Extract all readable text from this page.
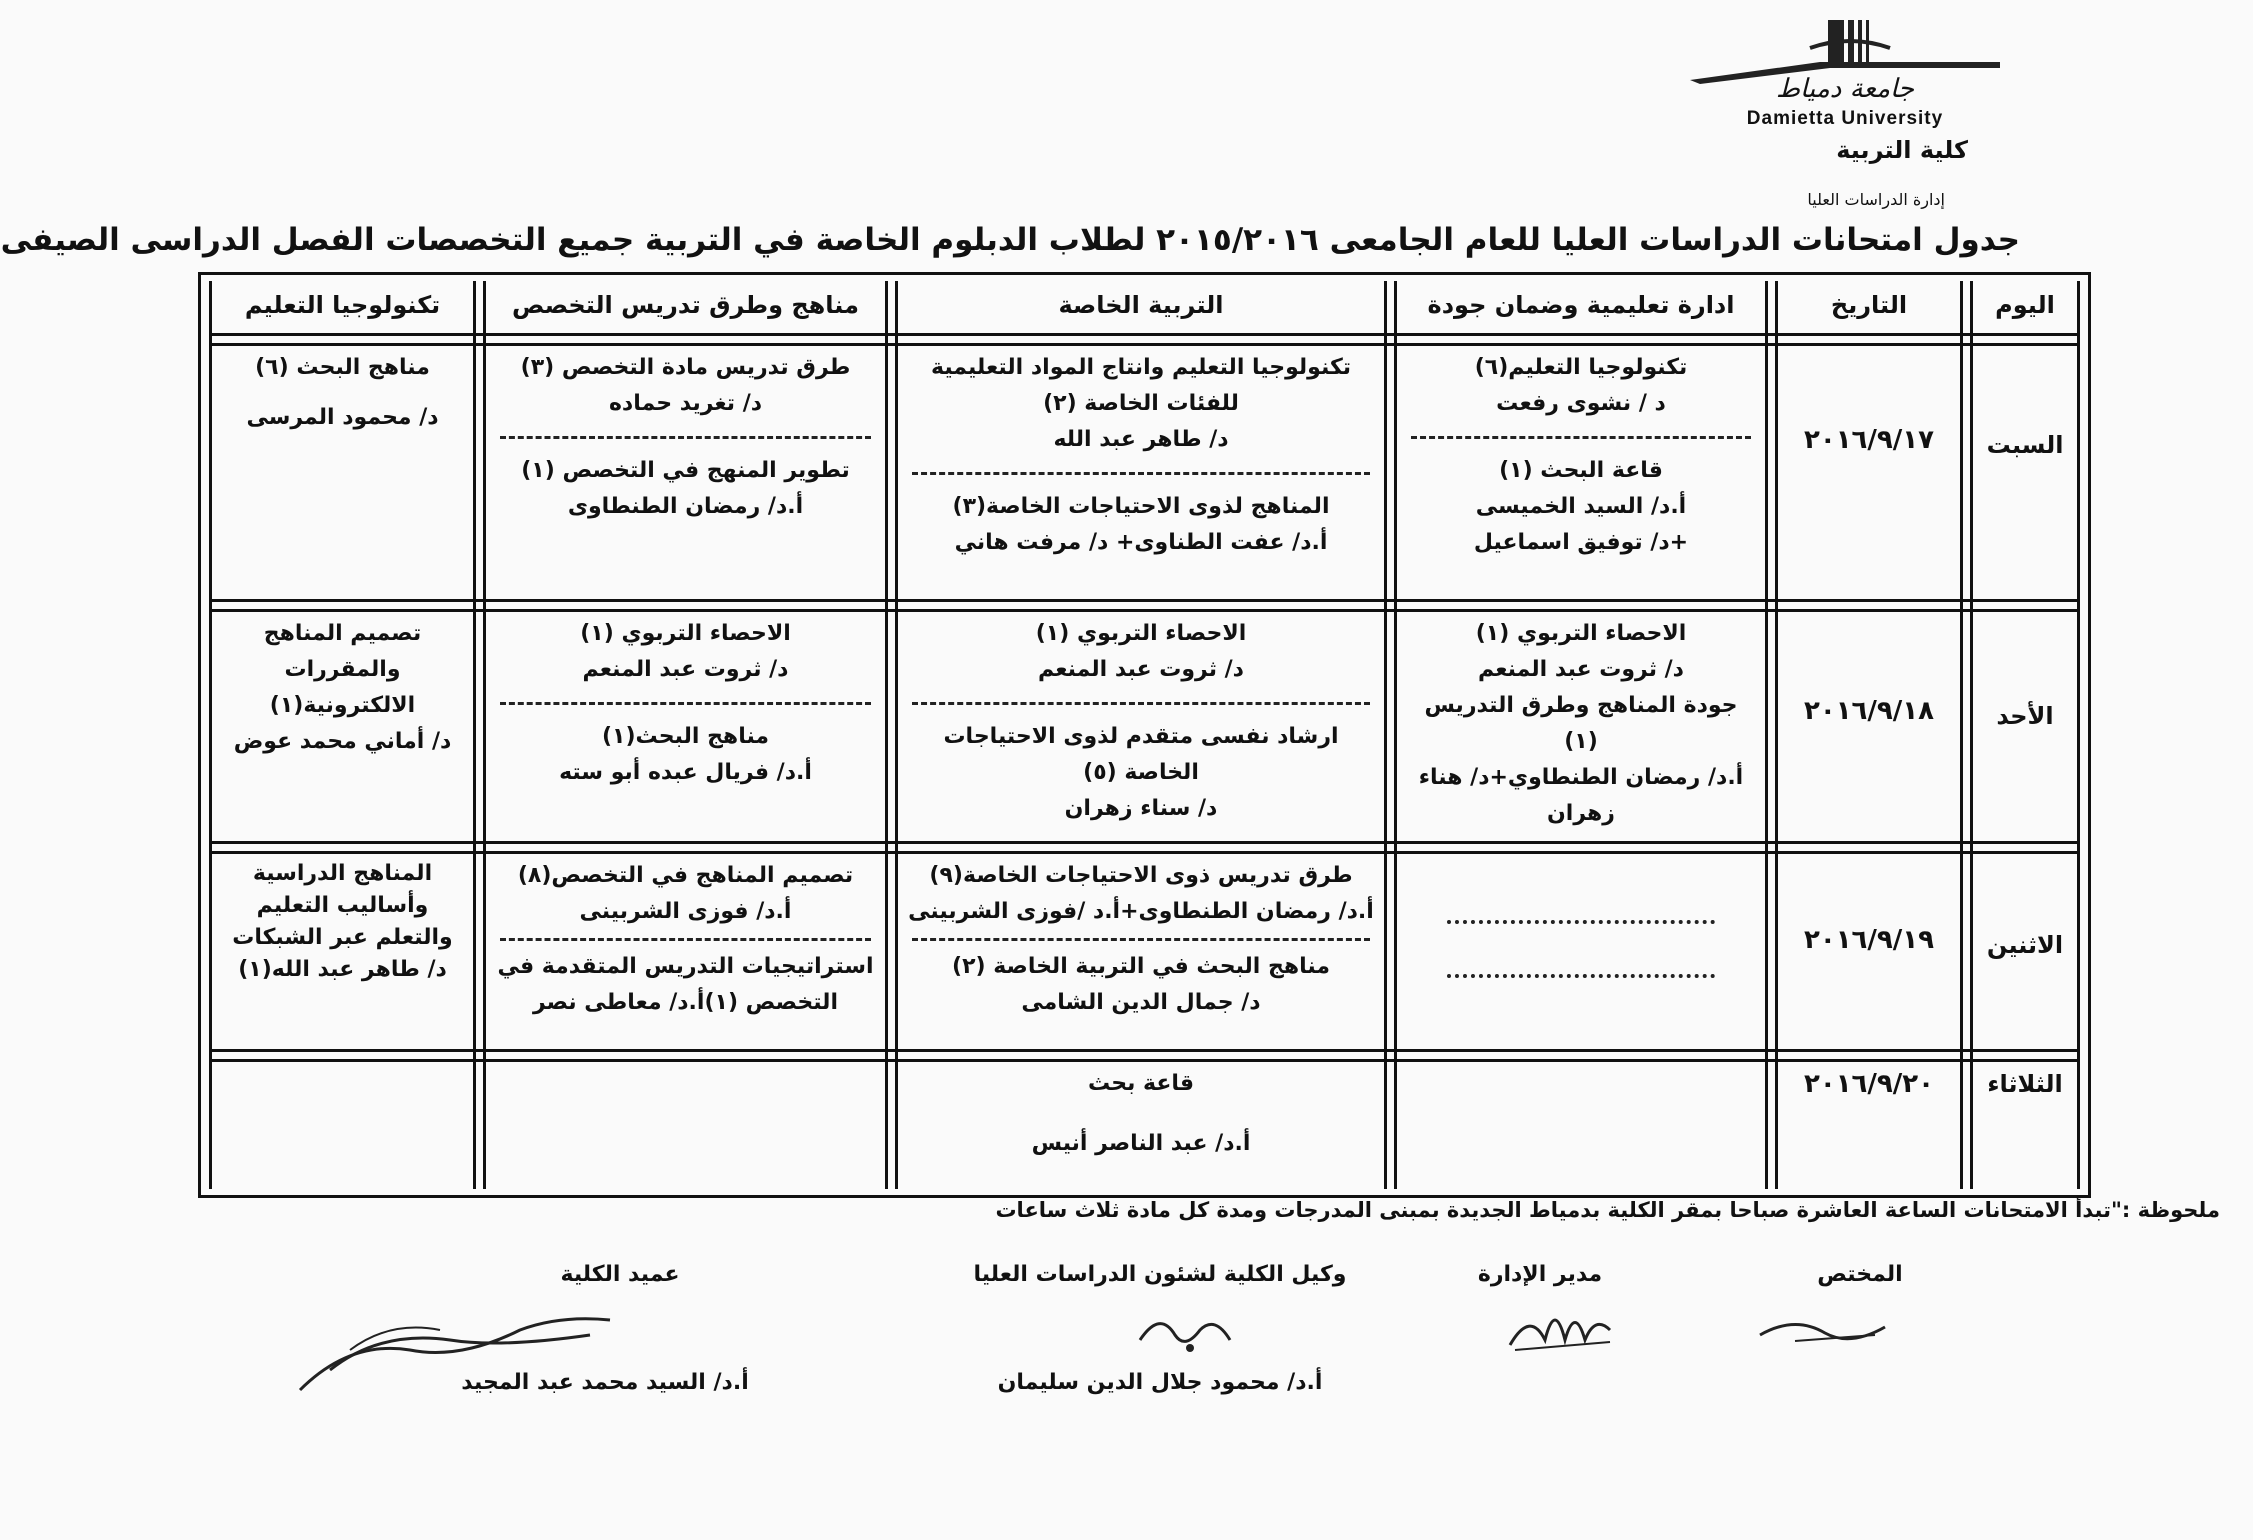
جامعة دمياط
Damietta University
كلية التربية
إدارة الدراسات العليا
جدول امتحانات الدراسات العليا للعام الجامعى ٢٠١٥/٢٠١٦ لطلاب الدبلوم الخاصة في التربية جميع التخصصات الفصل الدراسى الصيفى
اليوم
التاريخ
ادارة تعليمية وضمان جودة
التربية الخاصة
مناهج وطرق تدريس التخصص
تكنولوجيا التعليم
السبت
٢٠١٦/٩/١٧
تكنولوجيا التعليم(٦)
د / نشوى رفعت
قاعة البحث (١)
أ.د/ السيد الخميسى
+د/ توفيق اسماعيل
تكنولوجيا التعليم وانتاج المواد التعليمية للفئات الخاصة (٢)
د/ طاهر عبد الله
المناهج لذوى الاحتياجات الخاصة(٣)
أ.د/ عفت الطناوى+ د/ مرفت هاني
طرق تدريس مادة التخصص (٣)
د/ تغريد حماده
تطوير المنهج في التخصص (١)
أ.د/ رمضان الطنطاوى
مناهج البحث (٦)
د/ محمود المرسى
الأحد
٢٠١٦/٩/١٨
الاحصاء التربوي (١)
د/ ثروت عبد المنعم
جودة المناهج وطرق التدريس (١)
أ.د/ رمضان الطنطاوي+د/ هناء زهران
الاحصاء التربوي (١)
د/ ثروت عبد المنعم
ارشاد نفسى متقدم لذوى الاحتياجات الخاصة (٥)
د/ سناء زهران
الاحصاء التربوي (١)
د/ ثروت عبد المنعم
مناهج البحث(١)
أ.د/ فريال عبده أبو سته
تصميم المناهج والمقررات الالكترونية(١)
د/ أماني محمد عوض
الاثنين
٢٠١٦/٩/١٩
طرق تدريس ذوى الاحتياجات الخاصة(٩)
أ.د/ رمضان الطنطاوى+أ.د /فوزى الشربينى
مناهج البحث في التربية الخاصة (٢)
د/ جمال الدين الشامى
تصميم المناهج في التخصص(٨)
أ.د/ فوزى الشربينى
استراتيجيات التدريس المتقدمة في التخصص (١)أ.د/ معاطى نصر
المناهج الدراسية وأساليب التعليم والتعلم عبر الشبكات
د/ طاهر عبد الله(١)
الثلاثاء
٢٠١٦/٩/٢٠
قاعة بحث
أ.د/ عبد الناصر أنيس
ملحوظة :"تبدأ الامتحانات الساعة العاشرة صباحا بمقر الكلية بدمياط الجديدة بمبنى المدرجات ومدة كل مادة ثلاث ساعات
المختص
مدير الإدارة
وكيل الكلية لشئون الدراسات العليا
أ.د/ محمود جلال الدين سليمان
عميد الكلية
أ.د/ السيد محمد عبد المجيد
